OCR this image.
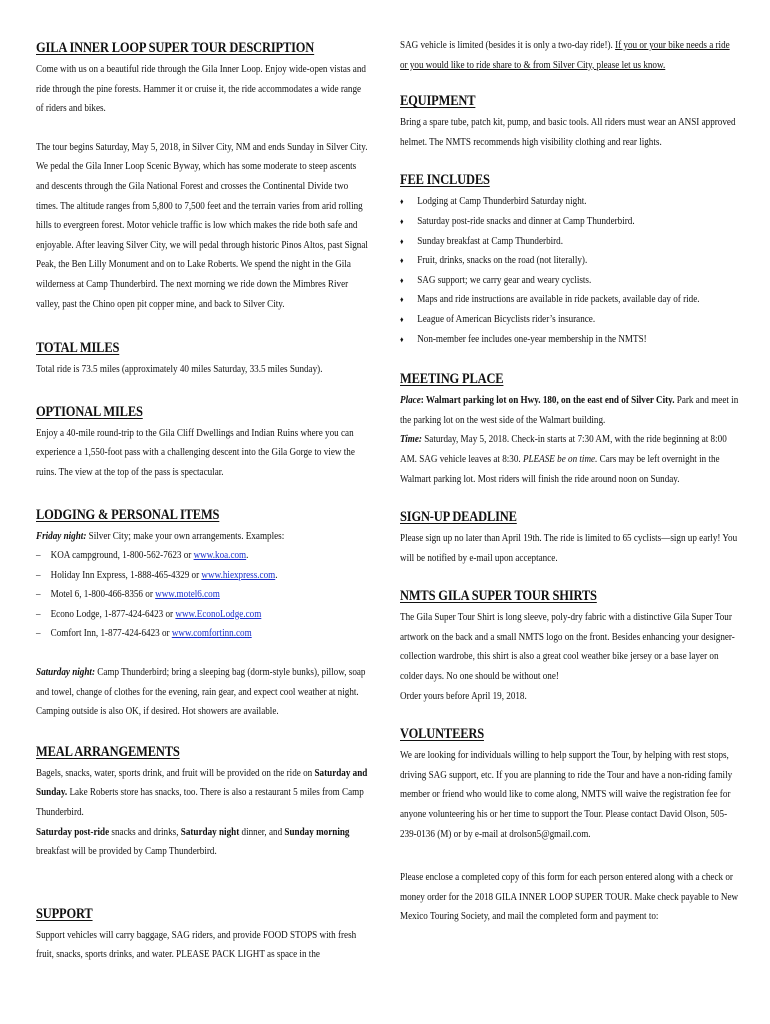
GILA INNER LOOP SUPER TOUR DESCRIPTION

Come with us on a beautiful ride through the Gila Inner Loop. Enjoy wide-open vistas and ride through the pine forests. Hammer it or cruise it, the ride accommodates a wide range of riders and bikes.

The tour begins Saturday, May 5, 2018, in Silver City, NM and ends Sunday in Silver City. We pedal the Gila Inner Loop Scenic Byway, which has some moderate to steep ascents and descents through the Gila National Forest and crosses the Continental Divide two times. The altitude ranges from 5,800 to 7,500 feet and the terrain varies from arid rolling hills to evergreen forest. Motor vehicle traffic is low which makes the ride both safe and enjoyable. After leaving Silver City, we will pedal through historic Pinos Altos, past Signal Peak, the Ben Lilly Monument and on to Lake Roberts. We spend the night in the Gila wilderness at Camp Thunderbird. The next morning we ride down the Mimbres River valley, past the Chino open pit copper mine, and back to Silver City.

TOTAL MILES

Total ride is 73.5 miles (approximately 40 miles Saturday, 33.5 miles Sunday).

OPTIONAL MILES

Enjoy a 40-mile round-trip to the Gila Cliff Dwellings and Indian Ruins where you can experience a 1,550-foot pass with a challenging descent into the Gila Gorge to view the ruins. The view at the top of the pass is spectacular.

LODGING & PERSONAL ITEMS

Friday night: Silver City; make your own arrangements. Examples:

– KOA campground, 1-800-562-7623 or www.koa.com.
– Holiday Inn Express, 1-888-465-4329 or www.hiexpress.com.
– Motel 6, 1-800-466-8356 or www.motel6.com
– Econo Lodge, 1-877-424-6423 or www.EconoLodge.com
– Comfort Inn, 1-877-424-6423 or www.comfortinn.com

Saturday night: Camp Thunderbird; bring a sleeping bag (dorm-style bunks), pillow, soap and towel, change of clothes for the evening, rain gear, and expect cool weather at night. Camping outside is also OK, if desired. Hot showers are available.

MEAL ARRANGEMENTS

Bagels, snacks, water, sports drink, and fruit will be provided on the ride on Saturday and Sunday. Lake Roberts store has snacks, too. There is also a restaurant 5 miles from Camp Thunderbird.

Saturday post-ride snacks and drinks, Saturday night dinner, and Sunday morning breakfast will be provided by Camp Thunderbird.

SUPPORT

Support vehicles will carry baggage, SAG riders, and provide FOOD STOPS with fresh fruit, snacks, sports drinks, and water. PLEASE PACK LIGHT as space in the

SAG vehicle is limited (besides it is only a two-day ride!). If you or your bike needs a ride or you would like to ride share to & from Silver City, please let us know.

EQUIPMENT

Bring a spare tube, patch kit, pump, and basic tools. All riders must wear an ANSI approved helmet. The NMTS recommends high visibility clothing and rear lights.

FEE INCLUDES
♦ Lodging at Camp Thunderbird Saturday night.
♦ Saturday post-ride snacks and dinner at Camp Thunderbird.
♦ Sunday breakfast at Camp Thunderbird.
♦ Fruit, drinks, snacks on the road (not literally).
♦ SAG support; we carry gear and weary cyclists.
♦ Maps and ride instructions are available in ride packets, available day of ride.
♦ League of American Bicyclists rider’s insurance.
♦ Non-member fee includes one-year membership in the NMTS!
MEETING PLACE

Place: Walmart parking lot on Hwy. 180, on the east end of Silver City. Park and meet in the parking lot on the west side of the Walmart building.

Time: Saturday, May 5, 2018. Check-in starts at 7:30 AM, with the ride beginning at 8:00 AM. SAG vehicle leaves at 8:30. PLEASE be on time. Cars may be left overnight in the Walmart parking lot. Most riders will finish the ride around noon on Sunday.

SIGN-UP DEADLINE

Please sign up no later than April 19th. The ride is limited to 65 cyclists—sign up early! You will be notified by e-mail upon acceptance.

NMTS GILA SUPER TOUR SHIRTS

The Gila Super Tour Shirt is long sleeve, poly-dry fabric with a distinctive Gila Super Tour artwork on the back and a small NMTS logo on the front. Besides enhancing your designer-collection wardrobe, this shirt is also a great cool weather bike jersey or a base layer on colder days. No one should be without one!

Order yours before April 19, 2018.

VOLUNTEERS

We are looking for individuals willing to help support the Tour, by helping with rest stops, driving SAG support, etc. If you are planning to ride the Tour and have a non-riding family member or friend who would like to come along, NMTS will waive the registration fee for anyone volunteering his or her time to support the Tour. Please contact David Olson, 505-239-0136 (M) or by e-mail at drolson5@gmail.com.

Please enclose a completed copy of this form for each person entered along with a check or money order for the 2018 GILA INNER LOOP SUPER TOUR. Make check payable to New Mexico Touring Society, and mail the completed form and payment to:
